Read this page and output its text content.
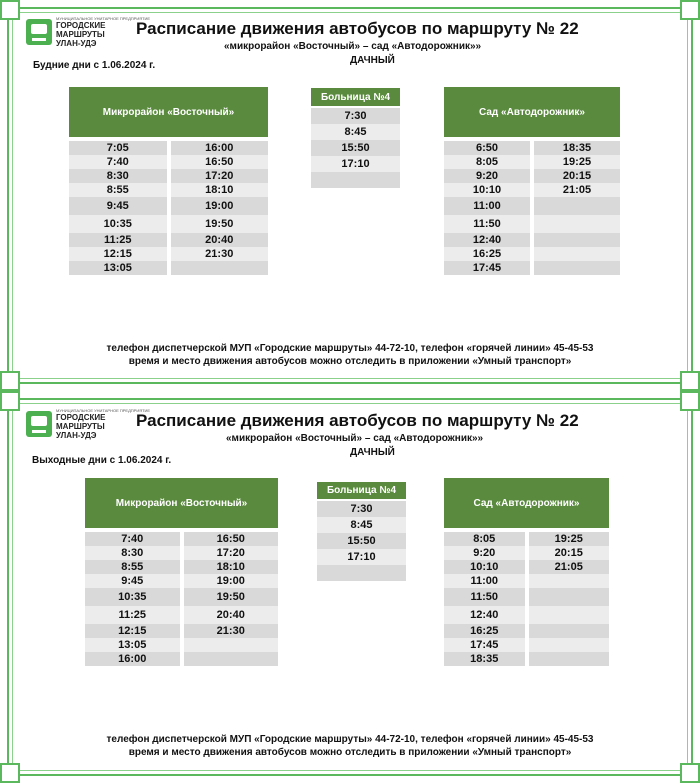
МУНИЦИПАЛЬНОЕ УНИТАРНОЕ ПРЕДПРИЯТИЕ
ГОРОДСКИЕ
МАРШРУТЫ
УЛАН-УДЭ
Расписание движения автобусов по маршруту № 22
«микрорайон «Восточный» – сад «Автодорожник»»
ДАЧНЫЙ
Будние дни с 1.06.2024 г.
Микрорайон «Восточный»
7:05	16:00
7:40	16:50
8:30	17:20
8:55	18:10
9:45	19:00
10:35	19:50
11:25	20:40
12:15	21:30
13:05
Больница №4
7:30
8:45
15:50
17:10
Сад «Автодорожник»
6:50	18:35
8:05	19:25
9:20	20:15
10:10	21:05
11:00
11:50
12:40
16:25
17:45
телефон диспетчерской МУП «Городские маршруты» 44-72-10, телефон «горячей линии» 45-45-53
время и место движения автобусов можно отследить в приложении «Умный транспорт»
МУНИЦИПАЛЬНОЕ УНИТАРНОЕ ПРЕДПРИЯТИЕ
ГОРОДСКИЕ
МАРШРУТЫ
УЛАН-УДЭ
Расписание движения автобусов по маршруту № 22
«микрорайон «Восточный» – сад «Автодорожник»»
ДАЧНЫЙ
Выходные дни с 1.06.2024 г.
Микрорайон «Восточный»
7:40	16:50
8:30	17:20
8:55	18:10
9:45	19:00
10:35	19:50
11:25	20:40
12:15	21:30
13:05
16:00
Больница №4
7:30
8:45
15:50
17:10
Сад «Автодорожник»
8:05	19:25
9:20	20:15
10:10	21:05
11:00
11:50
12:40
16:25
17:45
18:35
телефон диспетчерской МУП «Городские маршруты» 44-72-10, телефон «горячей линии» 45-45-53
время и место движения автобусов можно отследить в приложении «Умный транспорт»
